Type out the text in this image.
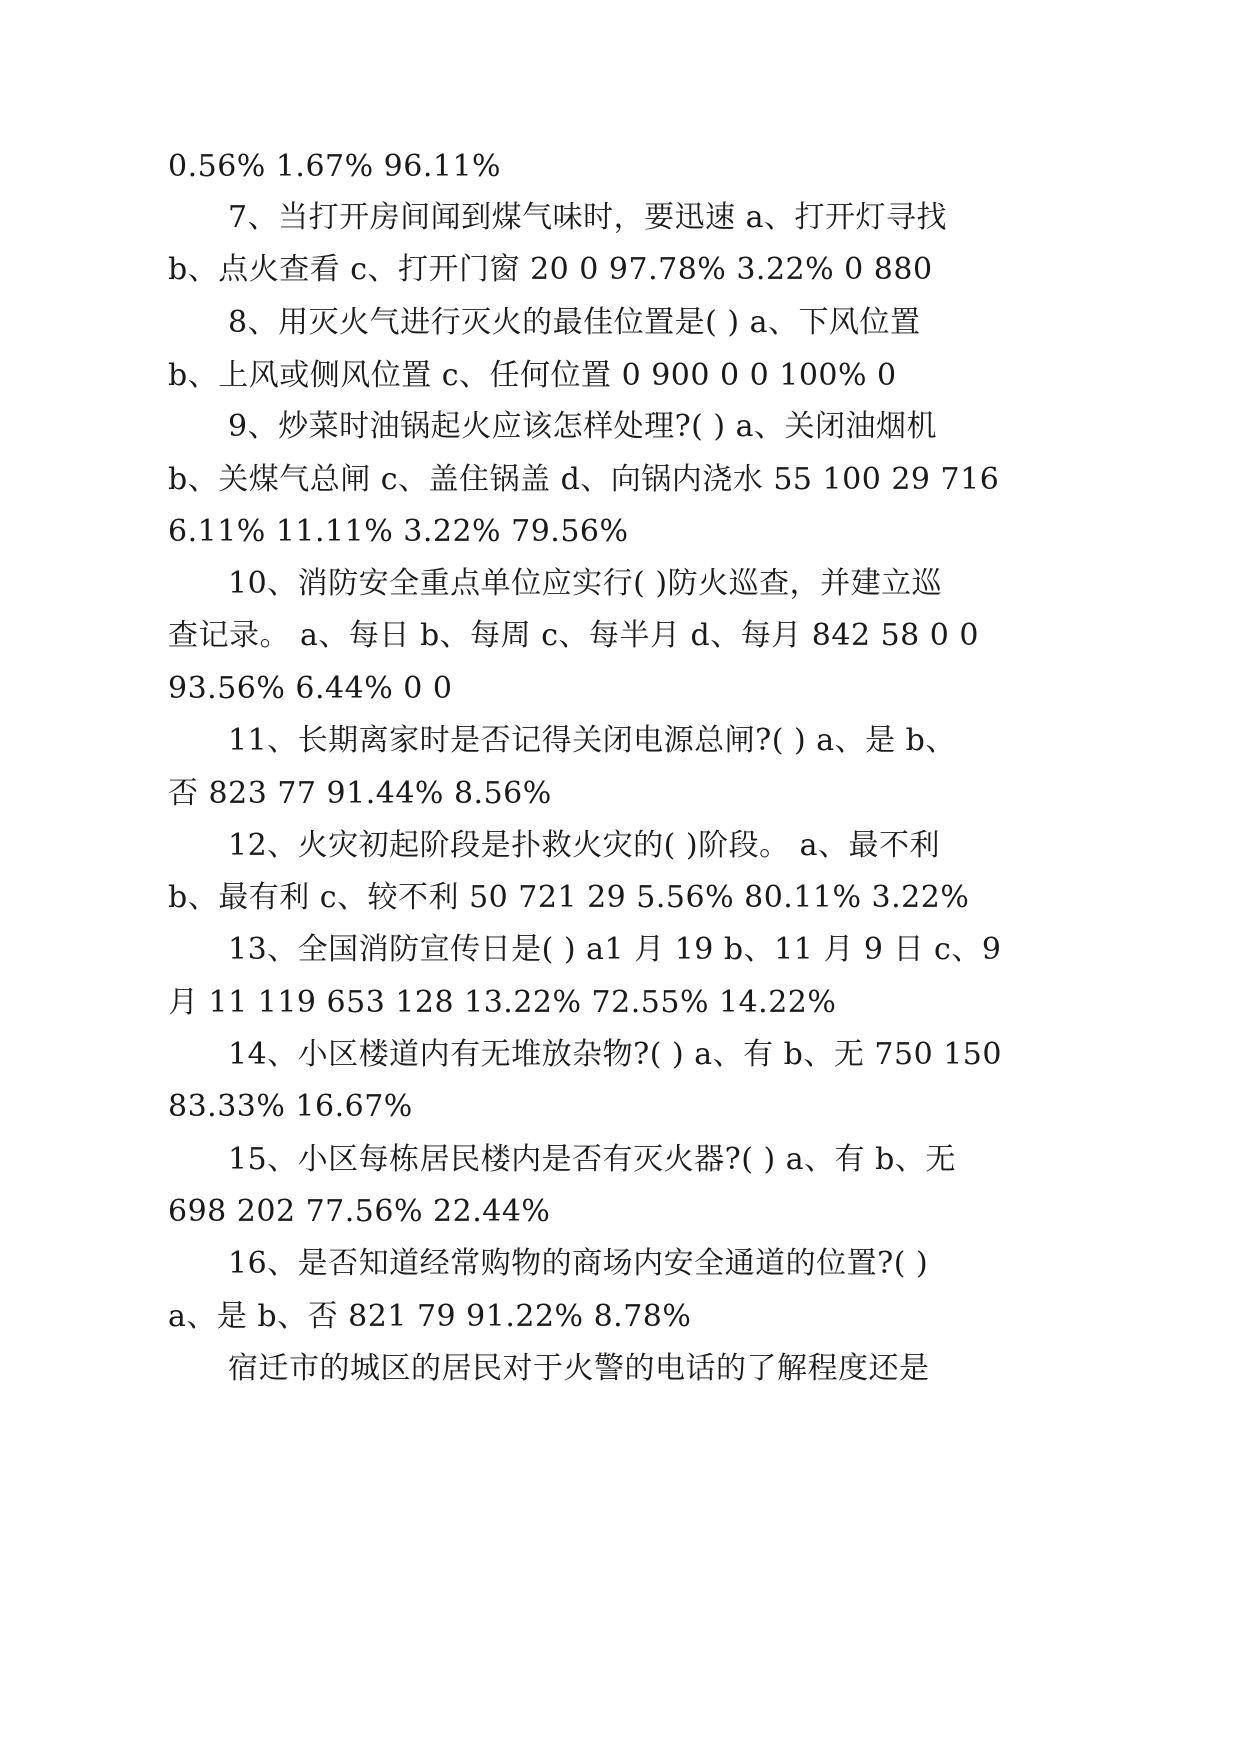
0.56% 1.67% 96.11%
7、当打开房间闻到煤气味时，要迅速 a、打开灯寻找
b、点火查看 c、打开门窗 20 0 97.78% 3.22% 0 880
8、用灭火气进行灭火的最佳位置是( ) a、下风位置
b、上风或侧风位置 c、任何位置 0 900 0 0 100% 0
9、炒菜时油锅起火应该怎样处理?( ) a、关闭油烟机
b、关煤气总闸 c、盖住锅盖 d、向锅内浇水 55 100 29 716
6.11% 11.11% 3.22% 79.56%
10、消防安全重点单位应实行( )防火巡查，并建立巡
查记录。 a、每日 b、每周 c、每半月 d、每月 842 58 0 0
93.56% 6.44% 0 0
11、长期离家时是否记得关闭电源总闸?( ) a、是 b、
否 823 77 91.44% 8.56%
12、火灾初起阶段是扑救火灾的( )阶段。 a、最不利
b、最有利 c、较不利 50 721 29 5.56% 80.11% 3.22%
13、全国消防宣传日是( ) a1 月 19 b、11 月 9 日 c、9
月 11 119 653 128 13.22% 72.55% 14.22%
14、小区楼道内有无堆放杂物?( ) a、有 b、无 750 150
83.33% 16.67%
15、小区每栋居民楼内是否有灭火器?( ) a、有 b、无
698 202 77.56% 22.44%
16、是否知道经常购物的商场内安全通道的位置?( )
a、是 b、否 821 79 91.22% 8.78%
宿迁市的城区的居民对于火警的电话的了解程度还是
